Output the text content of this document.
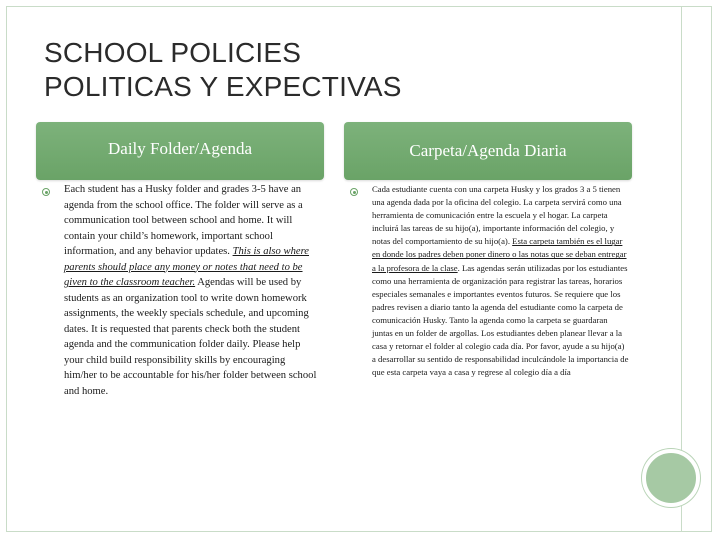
SCHOOL POLICIES
POLITICAS Y EXPECTIVAS
Daily Folder/Agenda	Carpeta/Agenda Diaria

Each student has a Husky folder and grades 3-5 have an agenda from the school office. The folder will serve as a communication tool between school and home. It will contain your child’s homework, important school information, and any behavior updates. This is also where parents should place any money or notes that need to be given to the classroom teacher. Agendas will be used by students as an organization tool to write down homework assignments, the weekly specials schedule, and upcoming dates. It is requested that parents check both the student agenda and the communication folder daily. Please help your child build responsibility skills by encouraging him/her to be accountable for his/her folder between school and home.

Cada estudiante cuenta con una carpeta Husky y los grados 3 a 5 tienen una agenda dada por la oficina del colegio. La carpeta servirá como una herramienta de comunicación entre la escuela y el hogar. La carpeta incluirá las tareas de su hijo(a), importante información del colegio, y notas del comportamiento de su hijo(a). Esta carpeta también es el lugar en donde los padres deben poner dinero o las notas que se deban entregar a la profesora de la clase. Las agendas serán utilizadas por los estudiantes como una herramienta de organización para registrar las tareas, horarios especiales semanales e importantes eventos futuros. Se requiere que los padres revisen a diario tanto la agenda del estudiante como la carpeta de comunicación Husky. Tanto la agenda como la carpeta se guardaran juntas en un folder de argollas. Los estudiantes deben planear llevar a la casa y retornar el folder al colegio cada día. Por favor, ayude a su hijo(a) a desarrollar su sentido de responsabilidad inculcándole la importancia de que esta carpeta vaya a casa y regrese al colegio día a día
